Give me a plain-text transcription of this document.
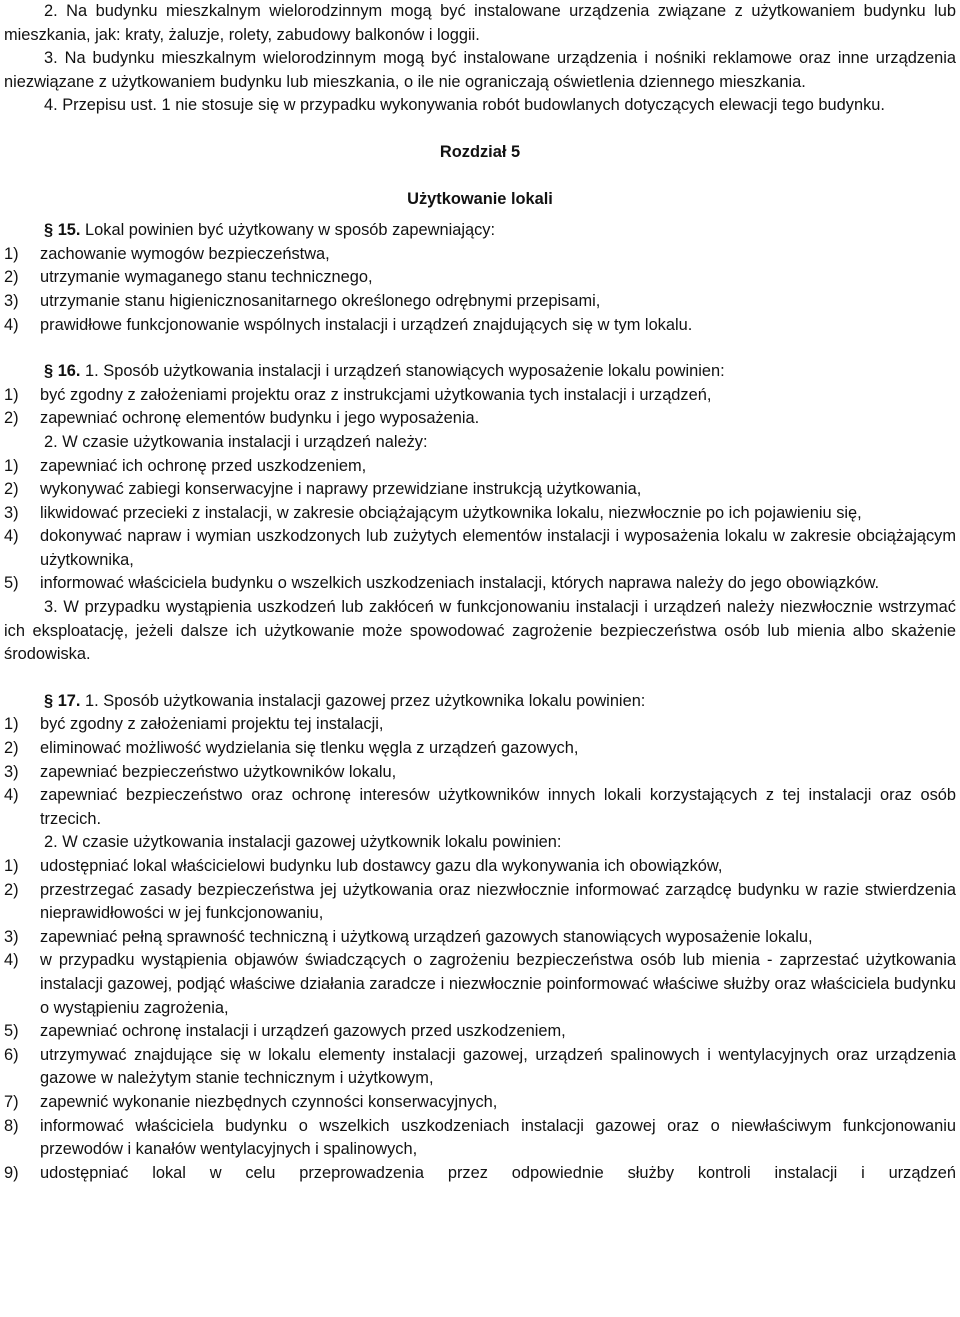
2. Na budynku mieszkalnym wielorodzinnym mogą być instalowane urządzenia związane z użytkowaniem budynku lub mieszkania, jak: kraty, żaluzje, rolety, zabudowy balkonów i loggii.

3. Na budynku mieszkalnym wielorodzinnym mogą być instalowane urządzenia i nośniki reklamowe oraz inne urządzenia niezwiązane z użytkowaniem budynku lub mieszkania, o ile nie ograniczają oświetlenia dziennego mieszkania.

4. Przepisu ust. 1 nie stosuje się w przypadku wykonywania robót budowlanych dotyczących elewacji tego budynku.

Rozdział 5

Użytkowanie lokali

§ 15. Lokal powinien być użytkowany w sposób zapewniający:

1)	zachowanie wymogów bezpieczeństwa,
2)	utrzymanie wymaganego stanu technicznego,
3)	utrzymanie stanu higienicznosanitarnego określonego odrębnymi przepisami,
4)	prawidłowe funkcjonowanie wspólnych instalacji i urządzeń znajdujących się w tym lokalu.

§ 16. 1. Sposób użytkowania instalacji i urządzeń stanowiących wyposażenie lokalu powinien:

1)	być zgodny z założeniami projektu oraz z instrukcjami użytkowania tych instalacji i urządzeń,
2)	zapewniać ochronę elementów budynku i jego wyposażenia.

2. W czasie użytkowania instalacji i urządzeń należy:

1)	zapewniać ich ochronę przed uszkodzeniem,
2)	wykonywać zabiegi konserwacyjne i naprawy przewidziane instrukcją użytkowania,
3)	likwidować przecieki z instalacji, w zakresie obciążającym użytkownika lokalu, niezwłocznie po ich pojawieniu się,
4)	dokonywać napraw i wymian uszkodzonych lub zużytych elementów instalacji i wyposażenia lokalu w zakresie obciążającym użytkownika,
5)	informować właściciela budynku o wszelkich uszkodzeniach instalacji, których naprawa należy do jego obowiązków.

3. W przypadku wystąpienia uszkodzeń lub zakłóceń w funkcjonowaniu instalacji i urządzeń należy niezwłocznie wstrzymać ich eksploatację, jeżeli dalsze ich użytkowanie może spowodować zagrożenie bezpieczeństwa osób lub mienia albo skażenie środowiska.

§ 17. 1. Sposób użytkowania instalacji gazowej przez użytkownika lokalu powinien:

1)	być zgodny z założeniami projektu tej instalacji,
2)	eliminować możliwość wydzielania się tlenku węgla z urządzeń gazowych,
3)	zapewniać bezpieczeństwo użytkowników lokalu,
4)	zapewniać bezpieczeństwo oraz ochronę interesów użytkowników innych lokali korzystających z tej instalacji oraz osób trzecich.

2. W czasie użytkowania instalacji gazowej użytkownik lokalu powinien:

1)	udostępniać lokal właścicielowi budynku lub dostawcy gazu dla wykonywania ich obowiązków,
2)	przestrzegać zasady bezpieczeństwa jej użytkowania oraz niezwłocznie informować zarządcę budynku w razie stwierdzenia nieprawidłowości w jej funkcjonowaniu,
3)	zapewniać pełną sprawność techniczną i użytkową urządzeń gazowych stanowiących wyposażenie lokalu,
4)	w przypadku wystąpienia objawów świadczących o zagrożeniu bezpieczeństwa osób lub mienia - zaprzestać użytkowania instalacji gazowej, podjąć właściwe działania zaradcze i niezwłocznie poinformować właściwe służby oraz właściciela budynku o wystąpieniu zagrożenia,
5)	zapewniać ochronę instalacji i urządzeń gazowych przed uszkodzeniem,
6)	utrzymywać znajdujące się w lokalu elementy instalacji gazowej, urządzeń spalinowych i wentylacyjnych oraz urządzenia gazowe w należytym stanie technicznym i użytkowym,
7)	zapewnić wykonanie niezbędnych czynności konserwacyjnych,
8)	informować właściciela budynku o wszelkich uszkodzeniach instalacji gazowej oraz o niewłaściwym funkcjonowaniu przewodów i kanałów wentylacyjnych i spalinowych,
9)	udostępniać lokal w celu przeprowadzenia przez odpowiednie służby kontroli instalacji i urządzeń
